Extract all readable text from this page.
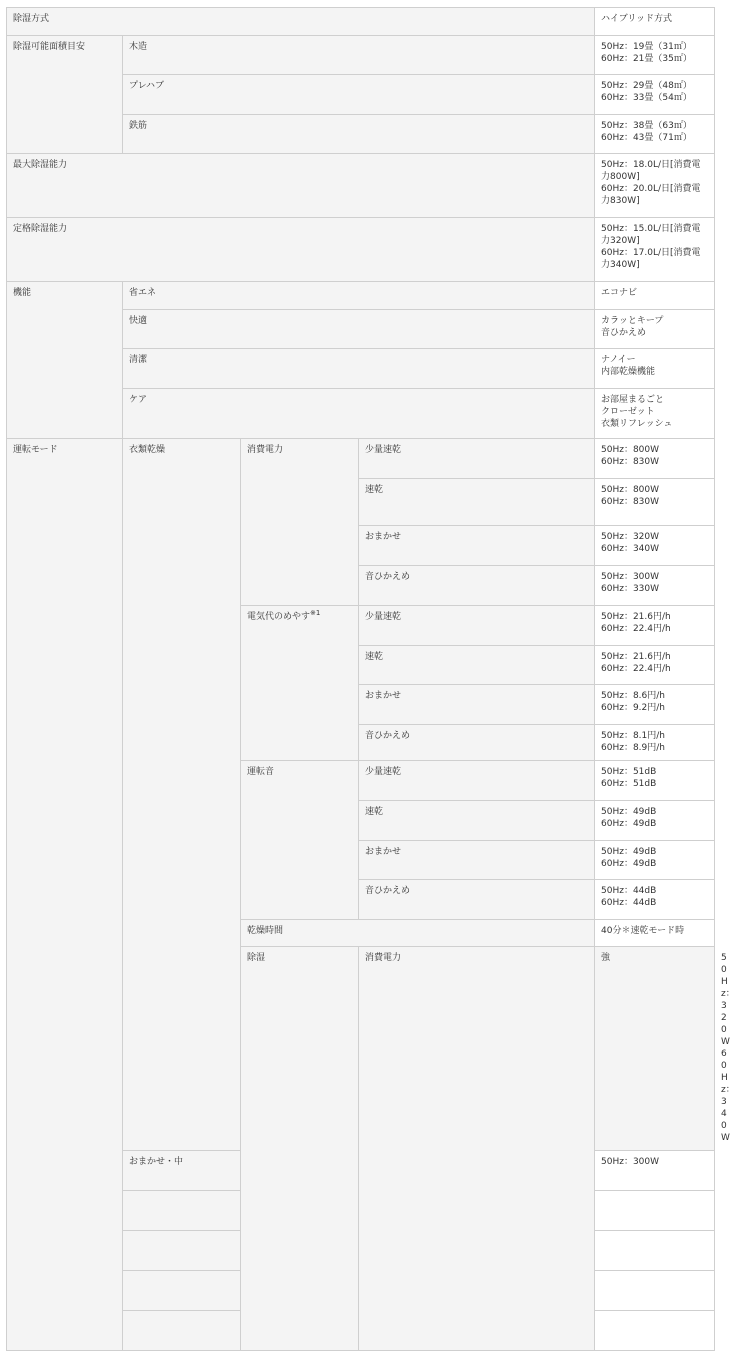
除湿方式				ハイブリッド方式	
除湿可能面積目安	木造			50Hz：19畳（31㎡）
60Hz：21畳（35㎡）	
	プレハブ			50Hz：29畳（48㎡）
60Hz：33畳（54㎡）	
	鉄筋			50Hz：38畳（63㎡）
60Hz：43畳（71㎡）	
最大除湿能力				50Hz：18.0L/日[消費電力800W]
60Hz：20.0L/日[消費電力830W]	
定格除湿能力				50Hz：15.0L/日[消費電力320W]
60Hz：17.0L/日[消費電力340W]	
機能	省エネ			エコナビ	
	快適			カラッとキープ
音ひかえめ	
	清潔			ナノイー
内部乾燥機能	
	ケア			お部屋まるごと
クローゼット
衣類リフレッシュ	
運転モード	衣類乾燥	消費電力	少量速乾	50Hz：800W
60Hz：830W	
			速乾	50Hz：800W
60Hz：830W	
			おまかせ	50Hz：320W
60Hz：340W	
			音ひかえめ	50Hz：300W
60Hz：330W	
		電気代のめやす$^{※1}$	少量速乾	50Hz：21.6円/h
60Hz：22.4円/h	
			速乾	50Hz：21.6円/h
60Hz：22.4円/h	
			おまかせ	50Hz：8.6円/h
60Hz：9.2円/h	
			音ひかえめ	50Hz：8.1円/h
60Hz：8.9円/h	
		運転音	少量速乾	50Hz：51dB
60Hz：51dB	
			速乾	50Hz：49dB
60Hz：49dB	
			おまかせ	50Hz：49dB
60Hz：49dB	
			音ひかえめ	50Hz：44dB
60Hz：44dB	
		乾燥時間		40分＊速乾モード時	
		除湿	消費電力	強	50Hz：320W
60Hz：340W
	おまかせ・中			50Hz：300W	
